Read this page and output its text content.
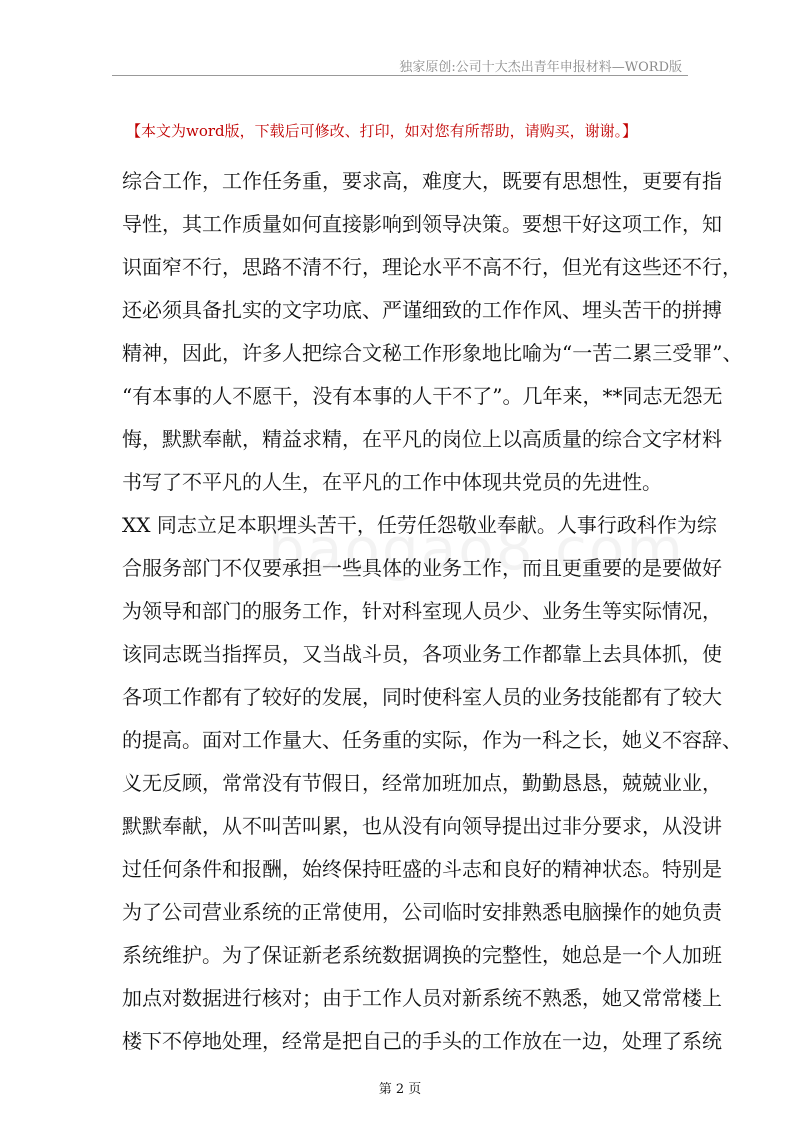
独家原创:公司十大杰出青年申报材料—WORD版
【本文为word版，下载后可修改、打印，如对您有所帮助，请购买，谢谢。】
综合工作，工作任务重，要求高，难度大，既要有思想性，更要有指
导性，其工作质量如何直接影响到领导决策。要想干好这项工作，知
识面窄不行，思路不清不行，理论水平不高不行，但光有这些还不行，
还必须具备扎实的文字功底、严谨细致的工作作风、埋头苦干的拼搏
精神，因此，许多人把综合文秘工作形象地比喻为“一苦二累三受罪”、
“有本事的人不愿干，没有本事的人干不了”。几年来，**同志无怨无
悔，默默奉献，精益求精，在平凡的岗位上以高质量的综合文字材料
书写了不平凡的人生，在平凡的工作中体现共党员的先进性。
XX 同志立足本职埋头苦干，任劳任怨敬业奉献。人事行政科作为综
合服务部门不仅要承担一些具体的业务工作，而且更重要的是要做好
为领导和部门的服务工作，针对科室现人员少、业务生等实际情况，
该同志既当指挥员，又当战斗员，各项业务工作都靠上去具体抓，使
各项工作都有了较好的发展，同时使科室人员的业务技能都有了较大
的提高。面对工作量大、任务重的实际，作为一科之长，她义不容辞、
义无反顾，常常没有节假日，经常加班加点，勤勤恳恳，兢兢业业，
默默奉献，从不叫苦叫累，也从没有向领导提出过非分要求，从没讲
过任何条件和报酬，始终保持旺盛的斗志和良好的精神状态。特别是
为了公司营业系统的正常使用，公司临时安排熟悉电脑操作的她负责
系统维护。为了保证新老系统数据调换的完整性，她总是一个人加班
加点对数据进行核对；由于工作人员对新系统不熟悉，她又常常楼上
楼下不停地处理，经常是把自己的手头的工作放在一边，处理了系统
第 2 页
